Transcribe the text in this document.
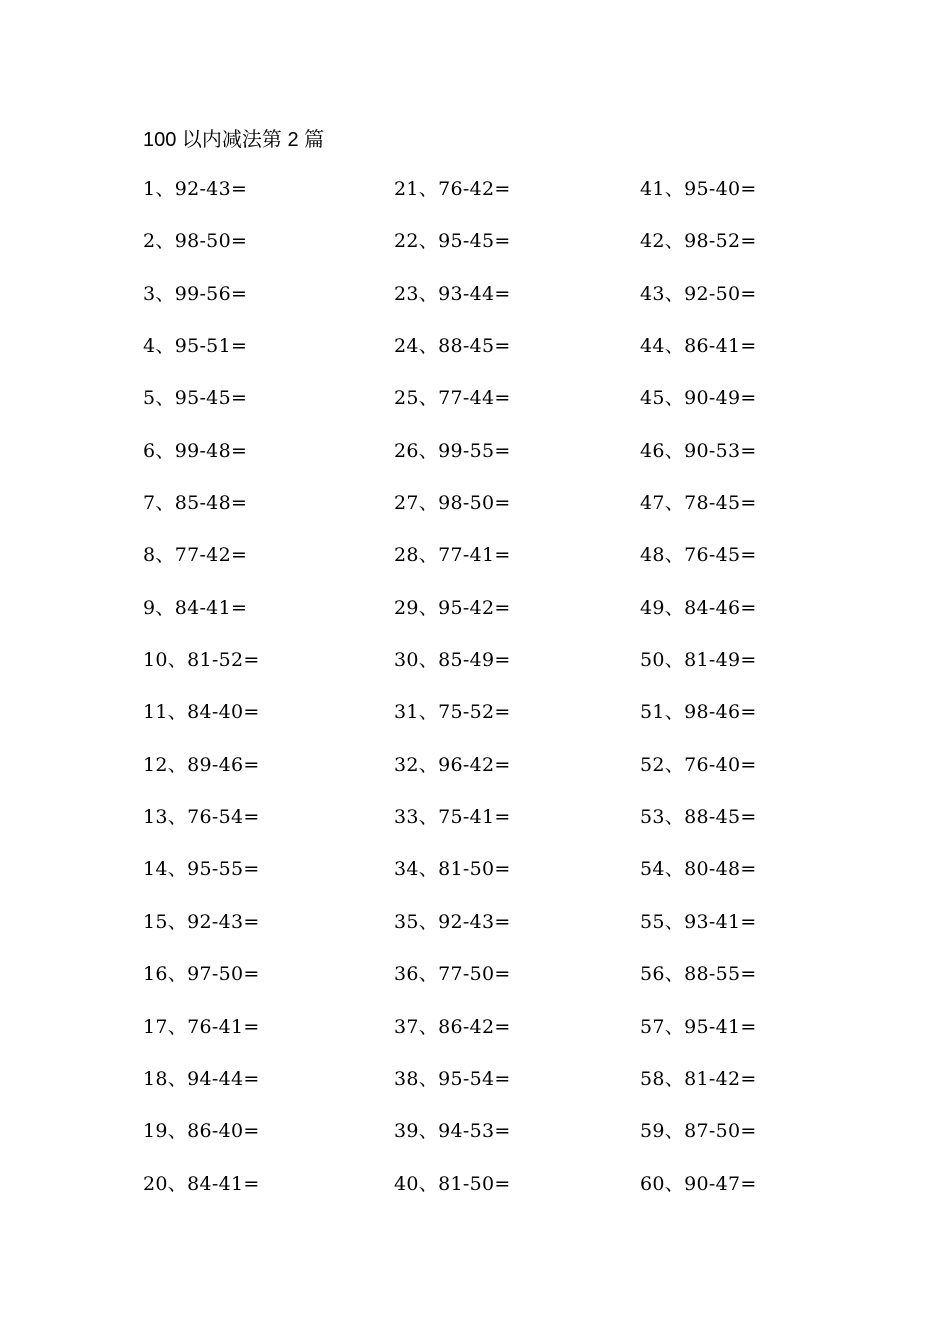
100 以内减法第 2 篇
1、92-43=
2、98-50=
3、99-56=
4、95-51=
5、95-45=
6、99-48=
7、85-48=
8、77-42=
9、84-41=
10、81-52=
11、84-40=
12、89-46=
13、76-54=
14、95-55=
15、92-43=
16、97-50=
17、76-41=
18、94-44=
19、86-40=
20、84-41=
21、76-42=
22、95-45=
23、93-44=
24、88-45=
25、77-44=
26、99-55=
27、98-50=
28、77-41=
29、95-42=
30、85-49=
31、75-52=
32、96-42=
33、75-41=
34、81-50=
35、92-43=
36、77-50=
37、86-42=
38、95-54=
39、94-53=
40、81-50=
41、95-40=
42、98-52=
43、92-50=
44、86-41=
45、90-49=
46、90-53=
47、78-45=
48、76-45=
49、84-46=
50、81-49=
51、98-46=
52、76-40=
53、88-45=
54、80-48=
55、93-41=
56、88-55=
57、95-41=
58、81-42=
59、87-50=
60、90-47=
